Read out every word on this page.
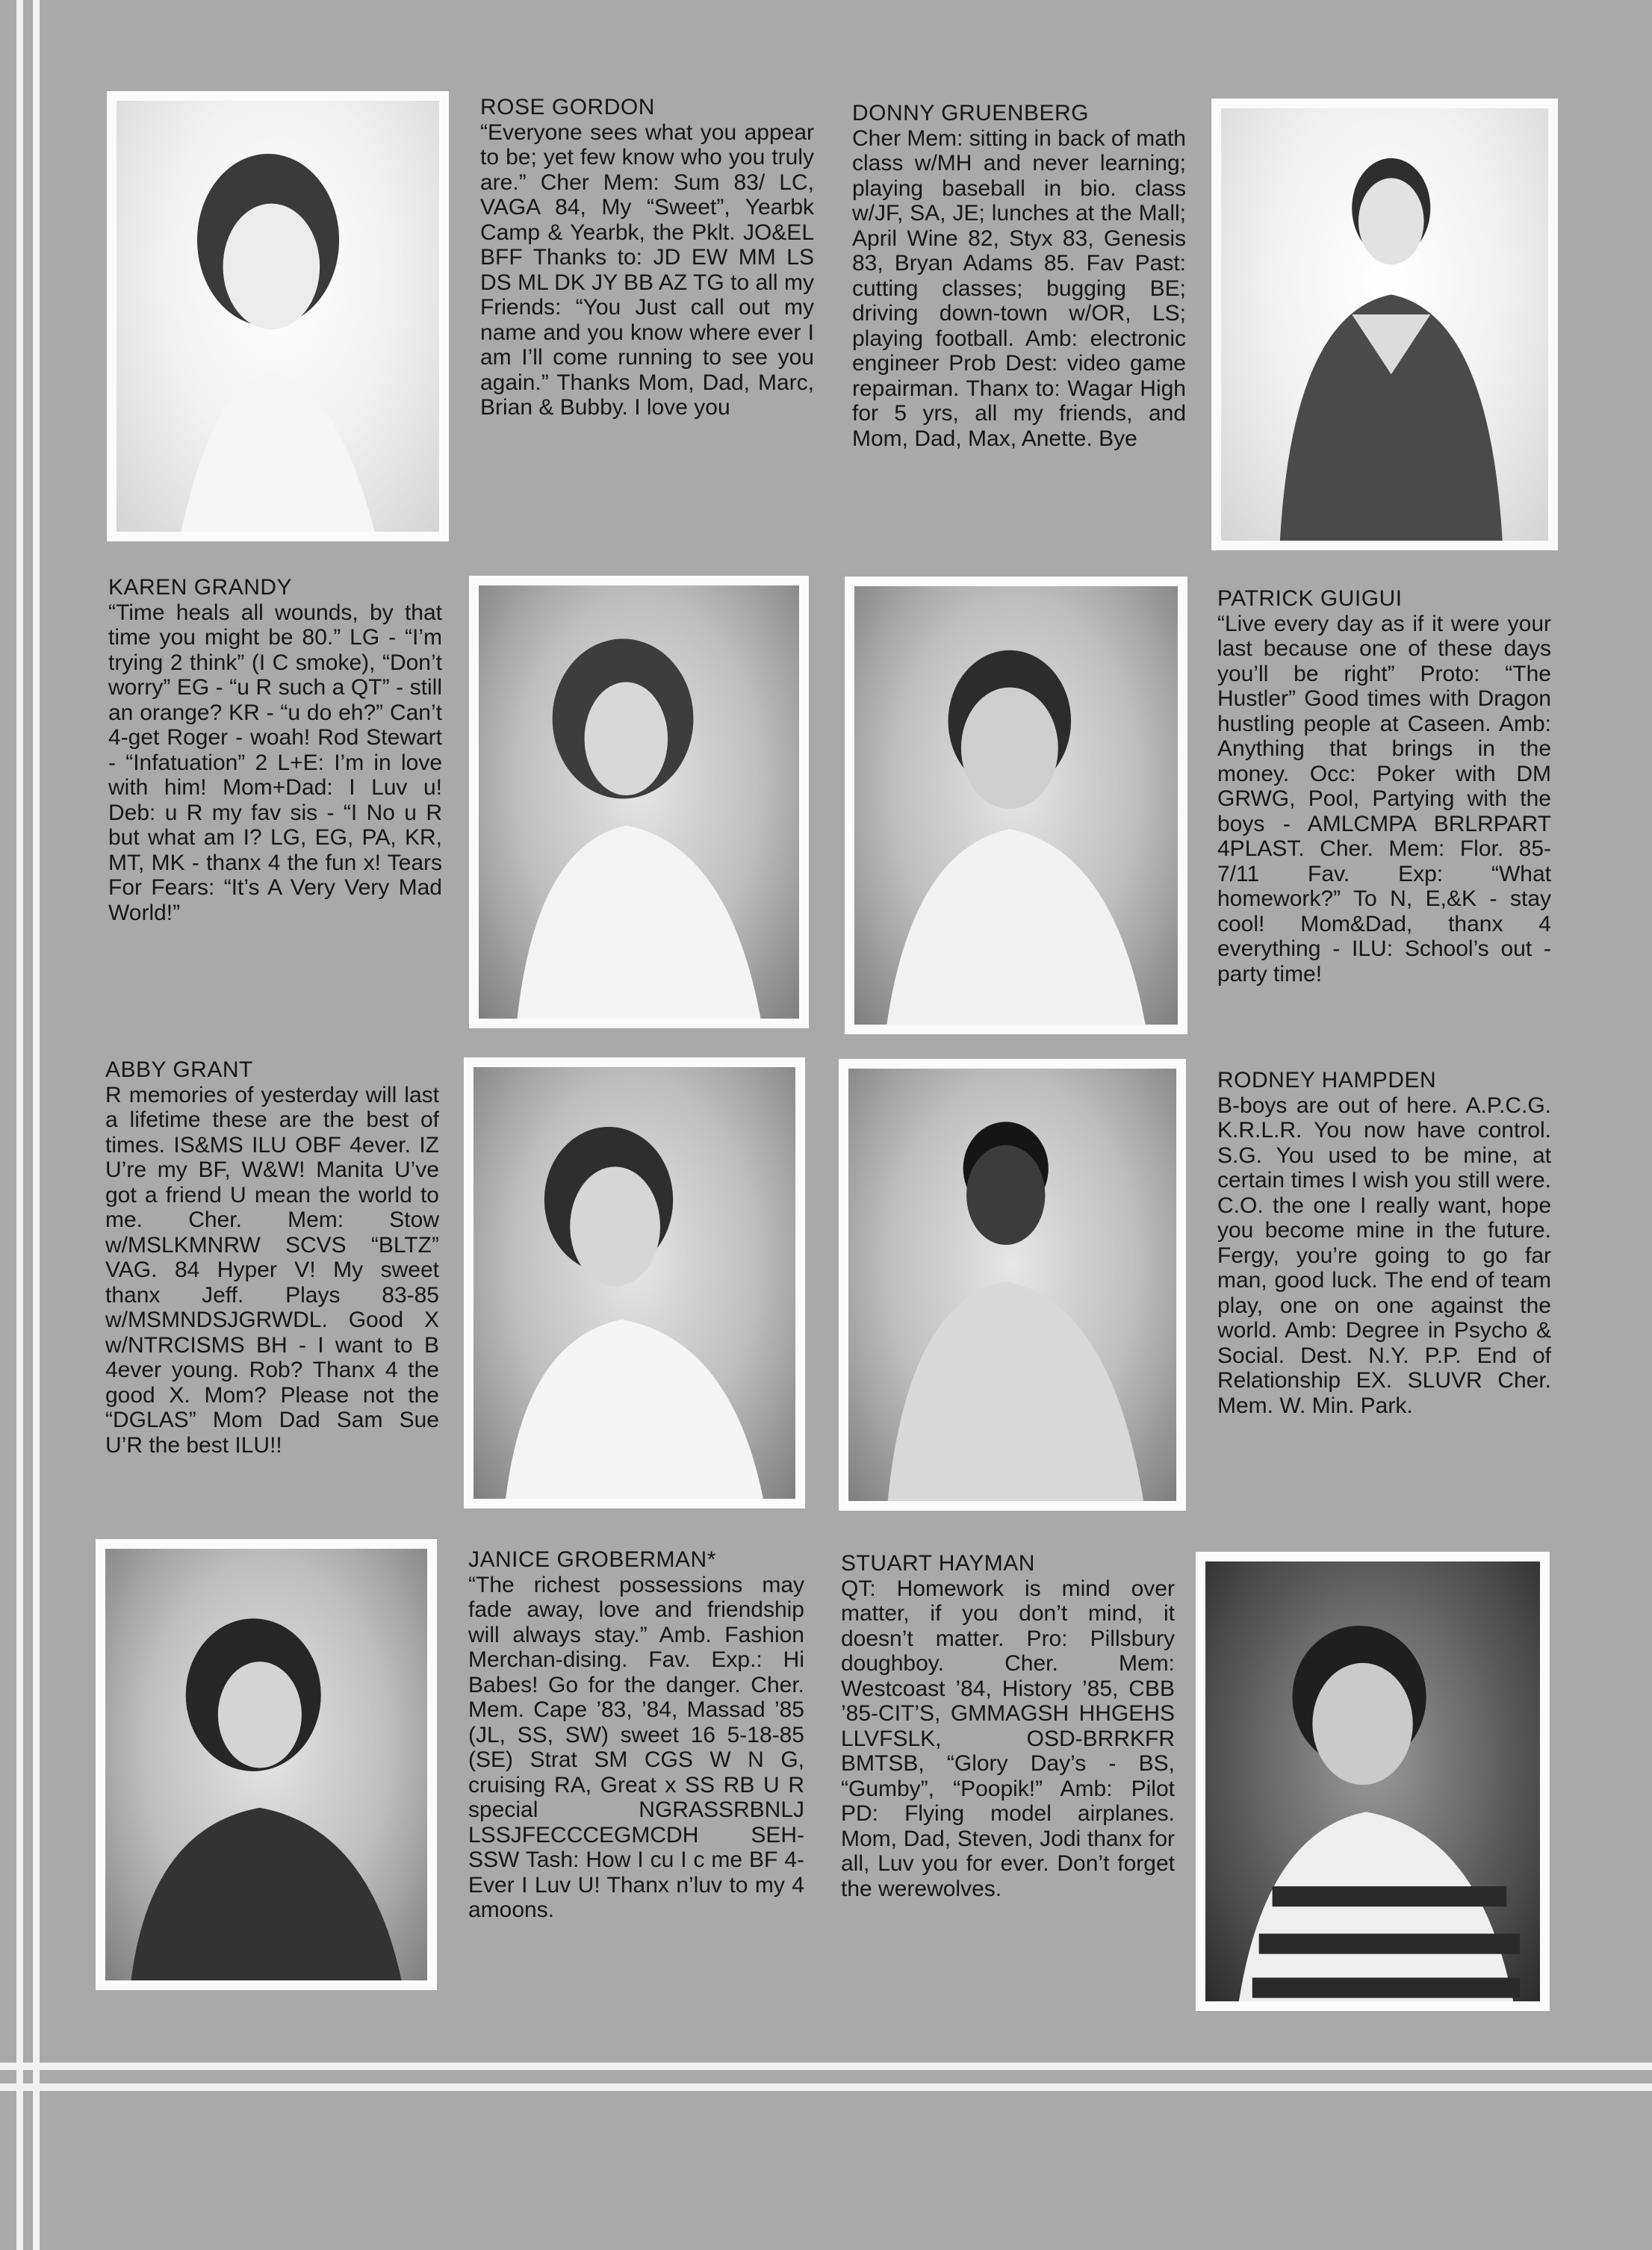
ROSE GORDON
“Everyone sees what you appear to be; yet few know who you truly are.” Cher Mem: Sum 83/ LC, VAGA 84, My “Sweet”, Yearbk Camp & Yearbk, the Pklt. JO&EL BFF Thanks to: JD EW MM LS DS ML DK JY BB AZ TG to all my Friends: “You Just call out my name and you know where ever I am I’ll come running to see you again.” Thanks Mom, Dad, Marc, Brian & Bubby. I love you
DONNY GRUENBERG
Cher Mem: sitting in back of math class w/MH and never learning; playing baseball in bio. class w/JF, SA, JE; lunches at the Mall; April Wine 82, Styx 83, Genesis 83, Bryan Adams 85. Fav Past: cutting classes; bugging BE; driving down-town w/OR, LS; playing football. Amb: electronic engineer Prob Dest: video game repairman. Thanx to: Wagar High for 5 yrs, all my friends, and Mom, Dad, Max, Anette. Bye
KAREN GRANDY
“Time heals all wounds, by that time you might be 80.” LG - “I’m trying 2 think” (I C smoke), “Don’t worry” EG - “u R such a QT” - still an orange? KR - “u do eh?” Can’t 4-get Roger - woah! Rod Stewart - “Infatuation” 2 L+E: I’m in love with him! Mom+Dad: I Luv u! Deb: u R my fav sis - “I No u R but what am I? LG, EG, PA, KR, MT, MK - thanx 4 the fun x! Tears For Fears: “It’s A Very Very Mad World!”
PATRICK GUIGUI
“Live every day as if it were your last because one of these days you’ll be right” Proto: “The Hustler” Good times with Dragon hustling people at Caseen. Amb: Anything that brings in the money. Occ: Poker with DM GRWG, Pool, Partying with the boys - AMLCMPA BRLRPART 4PLAST. Cher. Mem: Flor. 85-7/11 Fav. Exp: “What homework?” To N, E,&K - stay cool! Mom&Dad, thanx 4 everything - ILU: School’s out - party time!
ABBY GRANT
R memories of yesterday will last a lifetime these are the best of times. IS&MS ILU OBF 4ever. IZ U’re my BF, W&W! Manita U’ve got a friend U mean the world to me. Cher. Mem: Stow w/MSLKMNRW SCVS “BLTZ” VAG. 84 Hyper V! My sweet thanx Jeff. Plays 83-85 w/MSMNDSJGRWDL. Good X w/NTRCISMS BH - I want to B 4ever young. Rob? Thanx 4 the good X. Mom? Please not the “DGLAS” Mom Dad Sam Sue U’R the best ILU!!
RODNEY HAMPDEN
B-boys are out of here. A.P.C.G. K.R.L.R. You now have control. S.G. You used to be mine, at certain times I wish you still were. C.O. the one I really want, hope you become mine in the future. Fergy, you’re going to go far man, good luck. The end of team play, one on one against the world. Amb: Degree in Psycho & Social. Dest. N.Y. P.P. End of Relationship EX. SLUVR Cher. Mem. W. Min. Park.
JANICE GROBERMAN*
“The richest possessions may fade away, love and friendship will always stay.” Amb. Fashion Merchan-dising. Fav. Exp.: Hi Babes! Go for the danger. Cher. Mem. Cape ’83, ’84, Massad ’85 (JL, SS, SW) sweet 16 5-18-85 (SE) Strat SM CGS W N G, cruising RA, Great x SS RB U R special NGRASSRBNLJ LSSJFECCCEGMCDH SEH-SSW Tash: How I cu I c me BF 4-Ever I Luv U! Thanx n’luv to my 4 amoons.
STUART HAYMAN
QT: Homework is mind over matter, if you don’t mind, it doesn’t matter. Pro: Pillsbury doughboy. Cher. Mem: Westcoast ’84, History ’85, CBB ’85-CIT’S, GMMAGSH HHGEHS LLVFSLK, OSD-BRRKFR BMTSB, “Glory Day’s - BS, “Gumby”, “Poopik!” Amb: Pilot PD: Flying model airplanes. Mom, Dad, Steven, Jodi thanx for all, Luv you for ever. Don’t forget the werewolves.
